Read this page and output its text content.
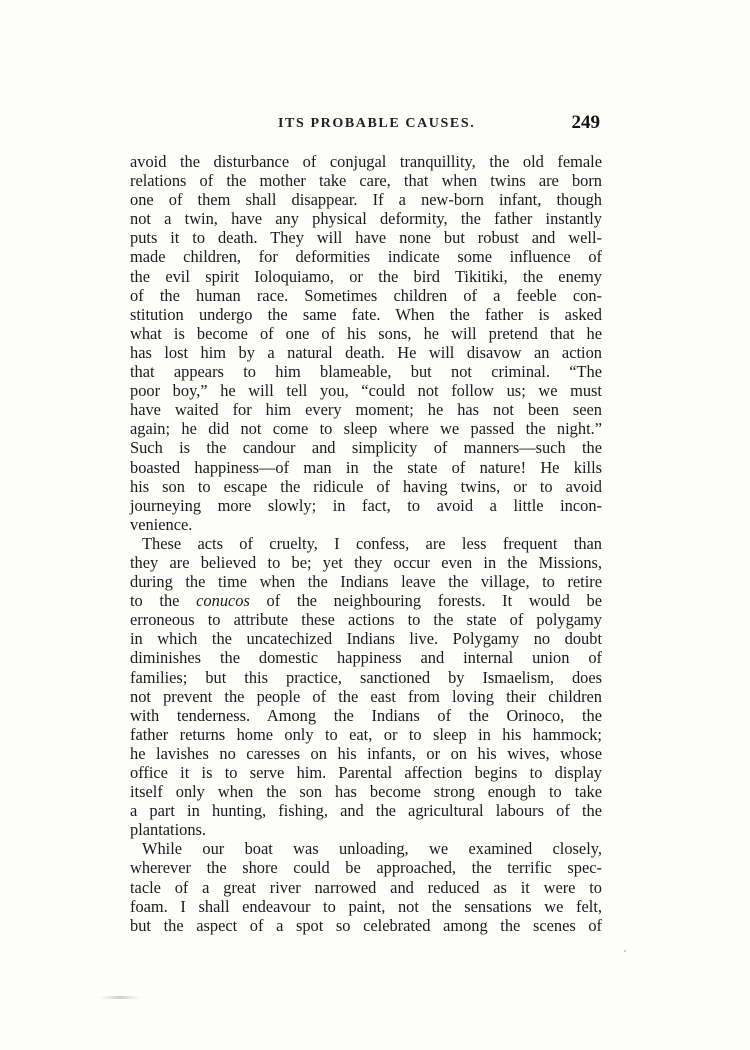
ITS PROBABLE CAUSES.	249
avoid the disturbance of conjugal tranquillity, the old female
relations of the mother take care, that when twins are born
one of them shall disappear. If a new-born infant, though
not a twin, have any physical deformity, the father instantly
puts it to death. They will have none but robust and well-
made children, for deformities indicate some influence of
the evil spirit Ioloquiamo, or the bird Tikitiki, the enemy
of the human race. Sometimes children of a feeble con-
stitution undergo the same fate. When the father is asked
what is become of one of his sons, he will pretend that he
has lost him by a natural death. He will disavow an action
that appears to him blameable, but not criminal. “The
poor boy,” he will tell you, “could not follow us; we must
have waited for him every moment; he has not been seen
again; he did not come to sleep where we passed the night.”
Such is the candour and simplicity of manners—such the
boasted happiness—of man in the state of nature! He kills
his son to escape the ridicule of having twins, or to avoid
journeying more slowly; in fact, to avoid a little incon-
venience.
These acts of cruelty, I confess, are less frequent than
they are believed to be; yet they occur even in the Missions,
during the time when the Indians leave the village, to retire
to the conucos of the neighbouring forests. It would be
erroneous to attribute these actions to the state of polygamy
in which the uncatechized Indians live. Polygamy no doubt
diminishes the domestic happiness and internal union of
families; but this practice, sanctioned by Ismaelism, does
not prevent the people of the east from loving their children
with tenderness. Among the Indians of the Orinoco, the
father returns home only to eat, or to sleep in his hammock;
he lavishes no caresses on his infants, or on his wives, whose
office it is to serve him. Parental affection begins to display
itself only when the son has become strong enough to take
a part in hunting, fishing, and the agricultural labours of the
plantations.
While our boat was unloading, we examined closely,
wherever the shore could be approached, the terrific spec-
tacle of a great river narrowed and reduced as it were to
foam. I shall endeavour to paint, not the sensations we felt,
but the aspect of a spot so celebrated among the scenes of
